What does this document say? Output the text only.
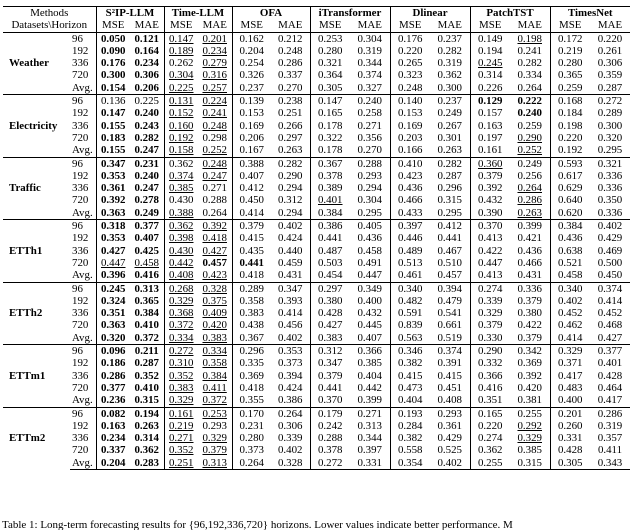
Methods		S²IP-LLM		Time-LLM		OFA		iTransformer		Dlinear		PatchTST		TimesNet	
Datasets\Horizon		MSE	MAE	MSE	MAE	MSE	MAE	MSE	MAE	MSE	MAE	MSE	MAE	MSE	MAE
Weather	96	0.050	0.121	0.147	0.201	0.162	0.212	0.253	0.304	0.176	0.237	0.149	0.198	0.172	0.220
	192	0.090	0.164	0.189	0.234	0.204	0.248	0.280	0.319	0.220	0.282	0.194	0.241	0.219	0.261
	336	0.176	0.234	0.262	0.279	0.254	0.286	0.321	0.344	0.265	0.319	0.245	0.282	0.280	0.306
	720	0.300	0.306	0.304	0.316	0.326	0.337	0.364	0.374	0.323	0.362	0.314	0.334	0.365	0.359
	Avg.	0.154	0.206	0.225	0.257	0.237	0.270	0.305	0.327	0.248	0.300	0.226	0.264	0.259	0.287
Electricity	96	0.136	0.225	0.131	0.224	0.139	0.238	0.147	0.240	0.140	0.237	0.129	0.222	0.168	0.272
	192	0.147	0.240	0.152	0.241	0.153	0.251	0.165	0.258	0.153	0.249	0.157	0.240	0.184	0.289
	336	0.155	0.243	0.160	0.248	0.169	0.266	0.178	0.271	0.169	0.267	0.163	0.259	0.198	0.300
	720	0.183	0.282	0.192	0.298	0.206	0.297	0.322	0.356	0.203	0.301	0.197	0.290	0.220	0.320
	Avg.	0.155	0.247	0.158	0.252	0.167	0.263	0.178	0.270	0.166	0.263	0.161	0.252	0.192	0.295
Traffic	96	0.347	0.231	0.362	0.248	0.388	0.282	0.367	0.288	0.410	0.282	0.360	0.249	0.593	0.321
	192	0.353	0.240	0.374	0.247	0.407	0.290	0.378	0.293	0.423	0.287	0.379	0.256	0.617	0.336
	336	0.361	0.247	0.385	0.271	0.412	0.294	0.389	0.294	0.436	0.296	0.392	0.264	0.629	0.336
	720	0.392	0.278	0.430	0.288	0.450	0.312	0.401	0.304	0.466	0.315	0.432	0.286	0.640	0.350
	Avg.	0.363	0.249	0.388	0.264	0.414	0.294	0.384	0.295	0.433	0.295	0.390	0.263	0.620	0.336
ETTh1	96	0.318	0.377	0.362	0.392	0.379	0.402	0.386	0.405	0.397	0.412	0.370	0.399	0.384	0.402
	192	0.353	0.407	0.398	0.418	0.415	0.424	0.441	0.436	0.446	0.441	0.413	0.421	0.436	0.429
	336	0.427	0.425	0.430	0.427	0.435	0.440	0.487	0.458	0.489	0.467	0.422	0.436	0.638	0.469
	720	0.447	0.458	0.442	0.457	0.441	0.459	0.503	0.491	0.513	0.510	0.447	0.466	0.521	0.500
	Avg.	0.396	0.416	0.408	0.423	0.418	0.431	0.454	0.447	0.461	0.457	0.413	0.431	0.458	0.450
ETTh2	96	0.245	0.313	0.268	0.328	0.289	0.347	0.297	0.349	0.340	0.394	0.274	0.336	0.340	0.374
	192	0.324	0.365	0.329	0.375	0.358	0.393	0.380	0.400	0.482	0.479	0.339	0.379	0.402	0.414
	336	0.351	0.384	0.368	0.409	0.383	0.414	0.428	0.432	0.591	0.541	0.329	0.380	0.452	0.452
	720	0.363	0.410	0.372	0.420	0.438	0.456	0.427	0.445	0.839	0.661	0.379	0.422	0.462	0.468
	Avg.	0.320	0.372	0.334	0.383	0.367	0.402	0.383	0.407	0.563	0.519	0.330	0.379	0.414	0.427
ETTm1	96	0.096	0.211	0.272	0.334	0.296	0.353	0.312	0.366	0.346	0.374	0.290	0.342	0.329	0.377
	192	0.186	0.287	0.310	0.358	0.335	0.373	0.347	0.385	0.382	0.391	0.332	0.369	0.371	0.401
	336	0.286	0.352	0.352	0.384	0.369	0.394	0.379	0.404	0.415	0.415	0.366	0.392	0.417	0.428
	720	0.377	0.410	0.383	0.411	0.418	0.424	0.441	0.442	0.473	0.451	0.416	0.420	0.483	0.464
	Avg.	0.236	0.315	0.329	0.372	0.355	0.386	0.370	0.399	0.404	0.408	0.351	0.381	0.400	0.417
ETTm2	96	0.082	0.194	0.161	0.253	0.170	0.264	0.179	0.271	0.193	0.293	0.165	0.255	0.201	0.286
	192	0.163	0.263	0.219	0.293	0.231	0.306	0.242	0.313	0.284	0.361	0.220	0.292	0.260	0.319
	336	0.234	0.314	0.271	0.329	0.280	0.339	0.288	0.344	0.382	0.429	0.274	0.329	0.331	0.357
	720	0.337	0.362	0.352	0.379	0.373	0.402	0.378	0.397	0.558	0.525	0.362	0.385	0.428	0.411
	Avg.	0.204	0.283	0.251	0.313	0.264	0.328	0.272	0.331	0.354	0.402	0.255	0.315	0.305	0.343
Table 1: Long-term forecasting results for {96,192,336,720} horizons. Lower values indicate better performance. M
